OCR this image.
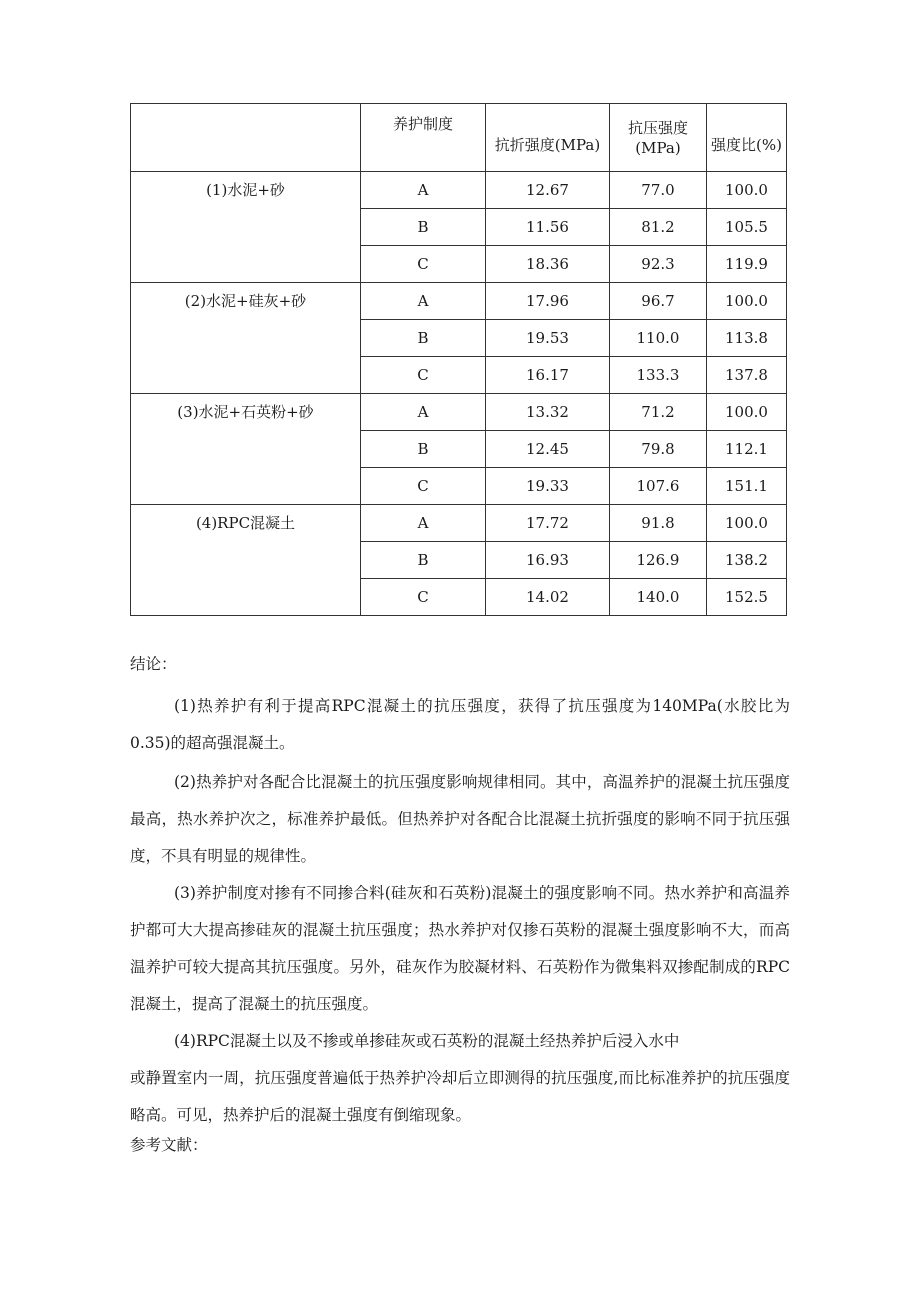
	养护制度	抗折强度(MPa)	抗压强度(MPa)	强度比(%)
(1)水泥+砂	A	12.67	77.0	100.0
	B	11.56	81.2	105.5
	C	18.36	92.3	119.9
(2)水泥+硅灰+砂	A	17.96	96.7	100.0
	B	19.53	110.0	113.8
	C	16.17	133.3	137.8
(3)水泥+石英粉+砂	A	13.32	71.2	100.0
	B	12.45	79.8	112.1
	C	19.33	107.6	151.1
(4)RPC混凝土	A	17.72	91.8	100.0
	B	16.93	126.9	138.2
	C	14.02	140.0	152.5

结论：

(1)热养护有利于提高RPC混凝土的抗压强度，获得了抗压强度为140MPa(水胶比为0.35)的超高强混凝土。

(2)热养护对各配合比混凝土的抗压强度影响规律相同。其中，高温养护的混凝土抗压强度最高，热水养护次之，标准养护最低。但热养护对各配合比混凝土抗折强度的影响不同于抗压强度，不具有明显的规律性。

(3)养护制度对掺有不同掺合料(硅灰和石英粉)混凝土的强度影响不同。热水养护和高温养护都可大大提高掺硅灰的混凝土抗压强度；热水养护对仅掺石英粉的混凝土强度影响不大，而高温养护可较大提高其抗压强度。另外，硅灰作为胶凝材料、石英粉作为微集料双掺配制成的RPC混凝土，提高了混凝土的抗压强度。

(4)RPC混凝土以及不掺或单掺硅灰或石英粉的混凝土经热养护后浸入水中

或静置室内一周，抗压强度普遍低于热养护冷却后立即测得的抗压强度,而比标准养护的抗压强度略高。可见，热养护后的混凝土强度有倒缩现象。

参考文献：
